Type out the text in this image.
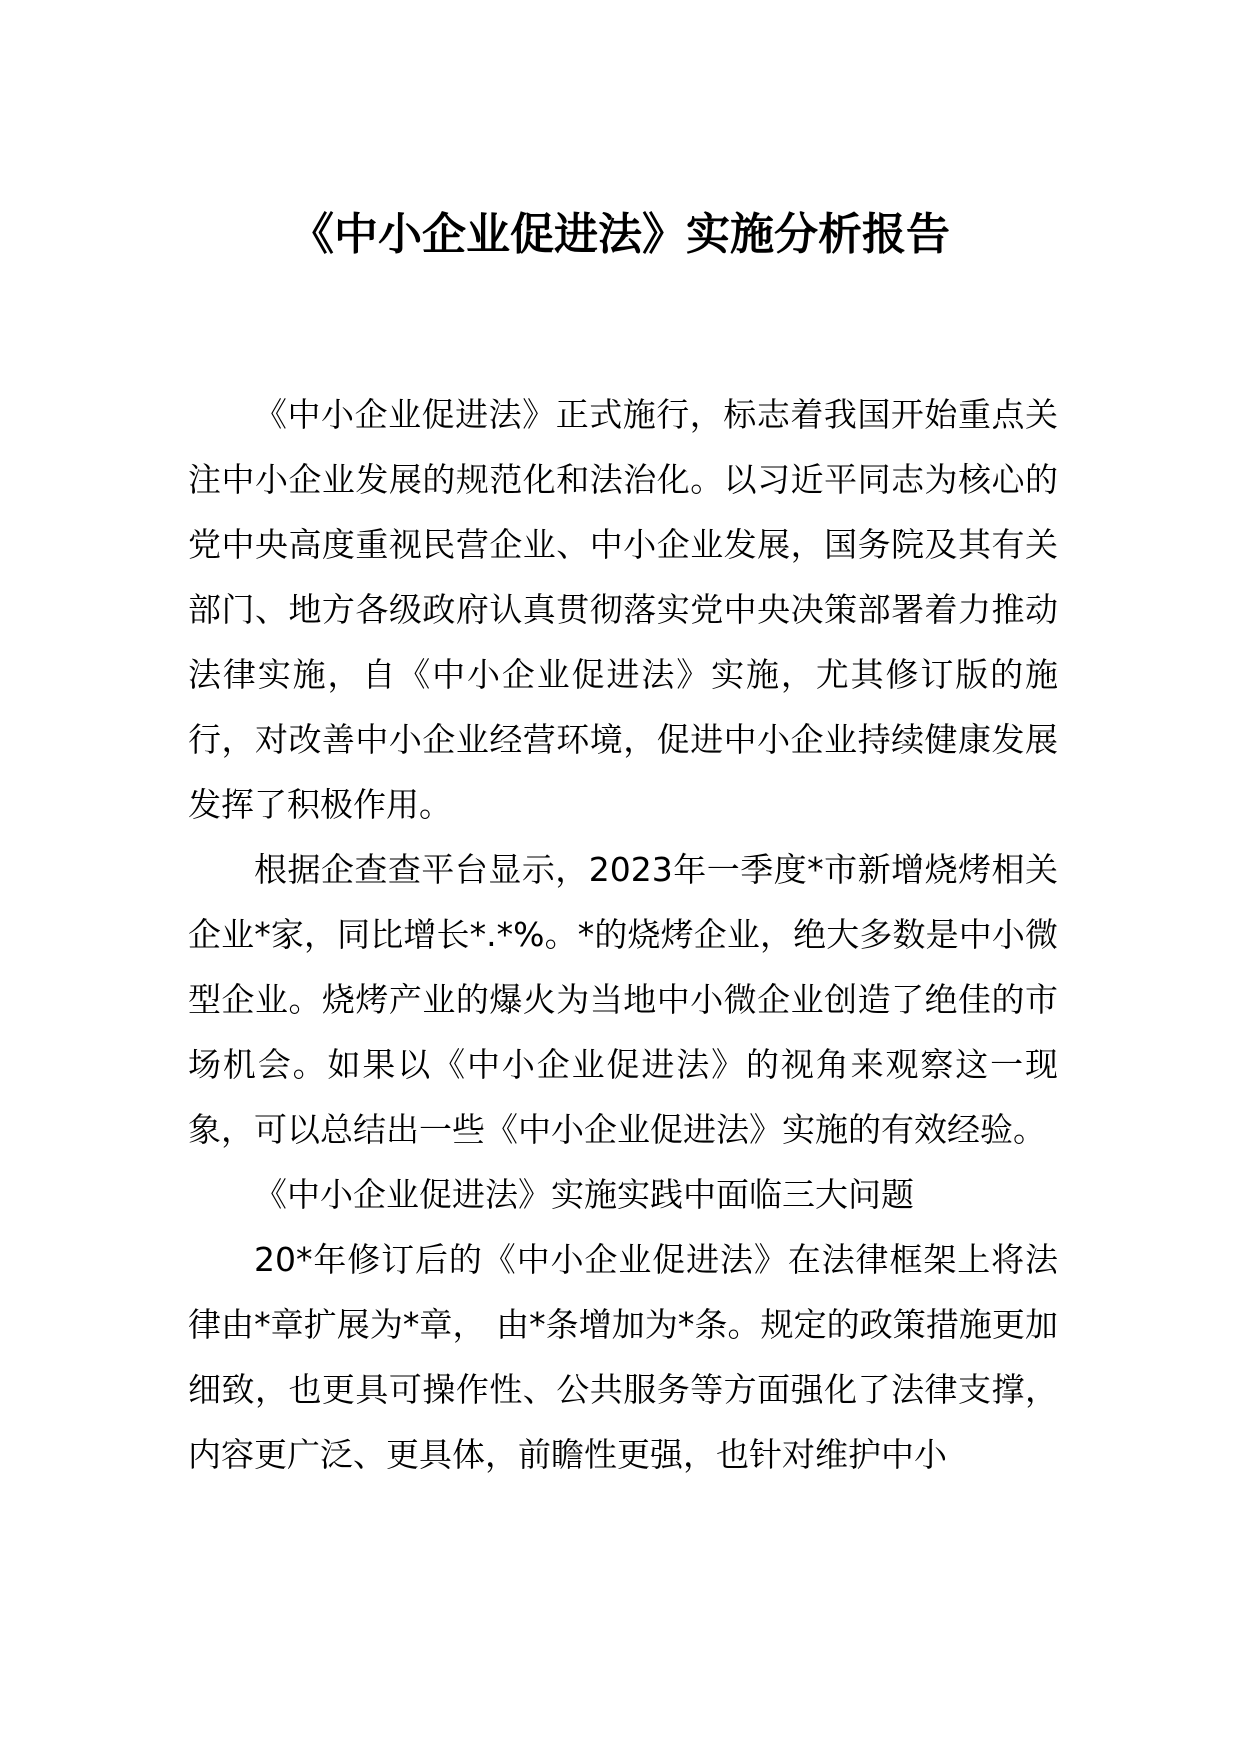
《中小企业促进法》实施分析报告

《中小企业促进法》正式施行，标志着我国开始重点关注中小企业发展的规范化和法治化。以习近平同志为核心的党中央高度重视民营企业、中小企业发展，国务院及其有关部门、地方各级政府认真贯彻落实党中央决策部署着力推动法律实施，自《中小企业促进法》实施，尤其修订版的施行，对改善中小企业经营环境，促进中小企业持续健康发展发挥了积极作用。

根据企查查平台显示，2023年一季度*市新增烧烤相关企业*家，同比增长*.*%。*的烧烤企业，绝大多数是中小微型企业。烧烤产业的爆火为当地中小微企业创造了绝佳的市场机会。如果以《中小企业促进法》的视角来观察这一现象，可以总结出一些《中小企业促进法》实施的有效经验。

《中小企业促进法》实施实践中面临三大问题

20*年修订后的《中小企业促进法》在法律框架上将法律由*章扩展为*章， 由*条增加为*条。规定的政策措施更加细致，也更具可操作性、公共服务等方面强化了法律支撑，内容更广泛、更具体，前瞻性更强，也针对维护中小
